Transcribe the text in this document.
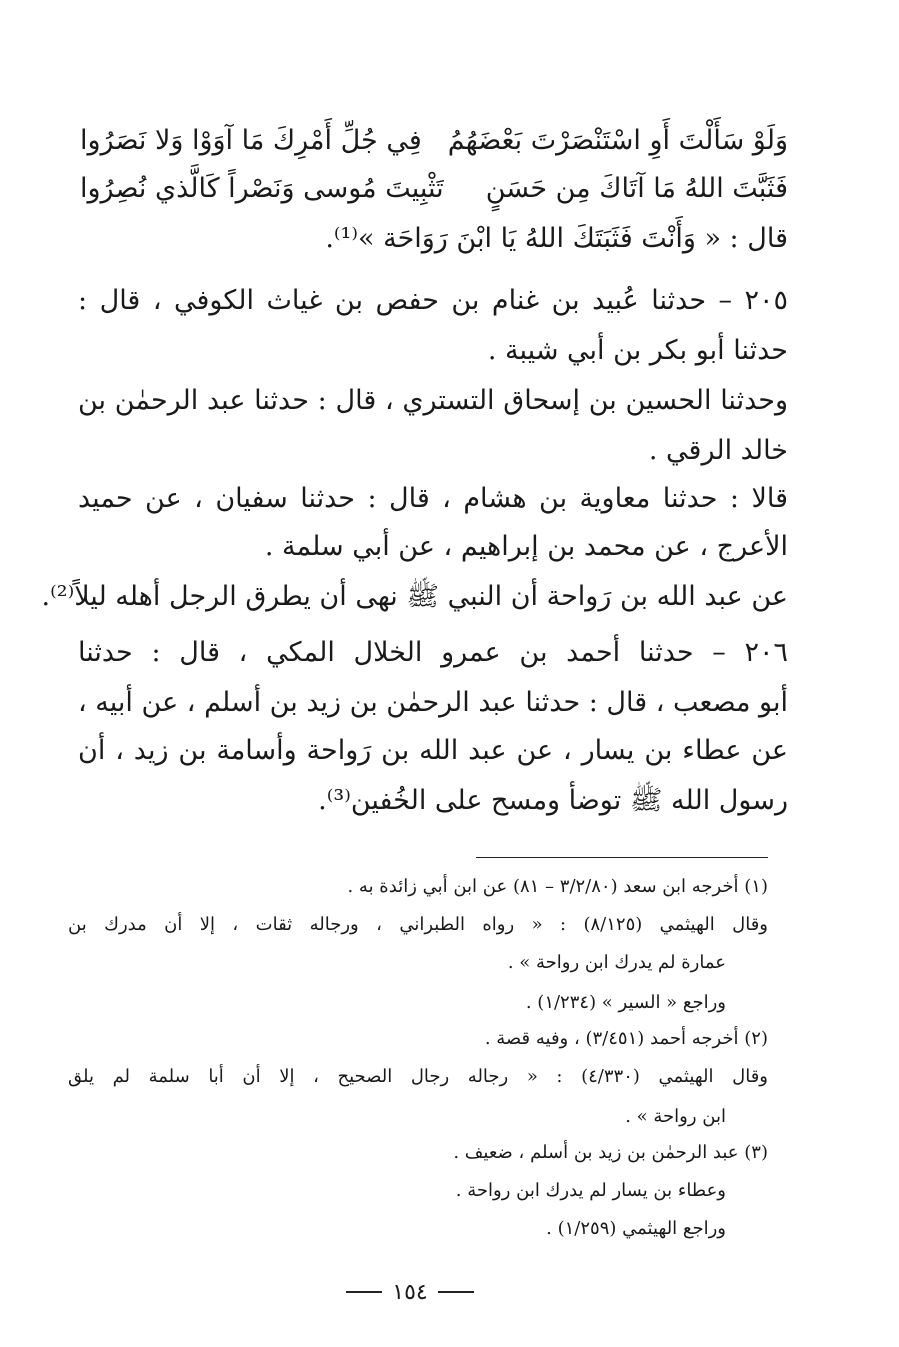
وَلَوْ سَأَلْتَ أَوِ اسْتَنْصَرْتَ بَعْضَهُمُ
فِي جُلِّ أَمْرِكَ مَا آوَوْا وَلا نَصَرُوا
فَثَبَّتَ اللهُ مَا آتَاكَ مِن حَسَنٍ
تَثْبِيتَ مُوسى وَنَصْراً كَالَّذي نُصِرُوا
قال : « وَأَنْتَ فَثَبَتَكَ اللهُ يَا ابْنَ رَوَاحَة »⁽¹⁾.
٢٠٥ – حدثنا عُبيد بن غنام بن حفص بن غياث الكوفي ، قال :
حدثنا أبو بكر بن أبي شيبة .
وحدثنا الحسين بن إسحاق التستري ، قال : حدثنا عبد الرحمٰن بن
خالد الرقي .
قالا : حدثنا معاوية بن هشام ، قال : حدثنا سفيان ، عن حميد
الأعرج ، عن محمد بن إبراهيم ، عن أبي سلمة .
عن عبد الله بن رَواحة أن النبي ﷺ نهى أن يطرق الرجل أهله ليلاً⁽²⁾.
٢٠٦ – حدثنا أحمد بن عمرو الخلال المكي ، قال : حدثنا
أبو مصعب ، قال : حدثنا عبد الرحمٰن بن زيد بن أسلم ، عن أبيه ،
عن عطاء بن يسار ، عن عبد الله بن رَواحة وأسامة بن زيد ، أن
رسول الله ﷺ توضأ ومسح على الخُفين⁽³⁾.
(١) أخرجه ابن سعد (٣/٢/٨٠ – ٨١) عن ابن أبي زائدة به .
وقال الهيثمي (٨/١٢٥) : « رواه الطبراني ، ورجاله ثقات ، إلا أن مدرك بن
عمارة لم يدرك ابن رواحة » .
وراجع « السير » (١/٢٣٤) .
(٢) أخرجه أحمد (٣/٤٥١) ، وفيه قصة .
وقال الهيثمي (٤/٣٣٠) : « رجاله رجال الصحيح ، إلا أن أبا سلمة لم يلق
ابن رواحة » .
(٣) عبد الرحمٰن بن زيد بن أسلم ، ضعيف .
وعطاء بن يسار لم يدرك ابن رواحة .
وراجع الهيثمي (١/٢٥٩) .
١٥٤
